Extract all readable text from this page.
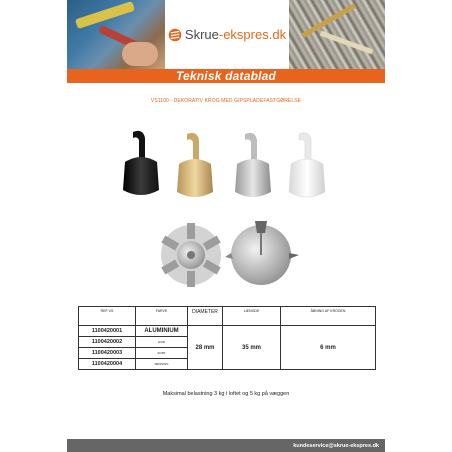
Skrue-ekspres.dk
Teknisk datablad
VS1100 - DEKORATIV KROG MED GIPSPLADEFASTGØRELSE
REF VS	FARVE	DIAMETER	LÆNGDE	ÅBNING AF KROGEN
1100420001	ALUMINIUM	28 mm	35 mm	6 mm
1100420002	HVID			
1100420003	SORT			
1100420004	MESSING			
Maksimal belastning 3 kg i loftet og 5 kg på væggen
kundeservice@skrue-ekspres.dk
